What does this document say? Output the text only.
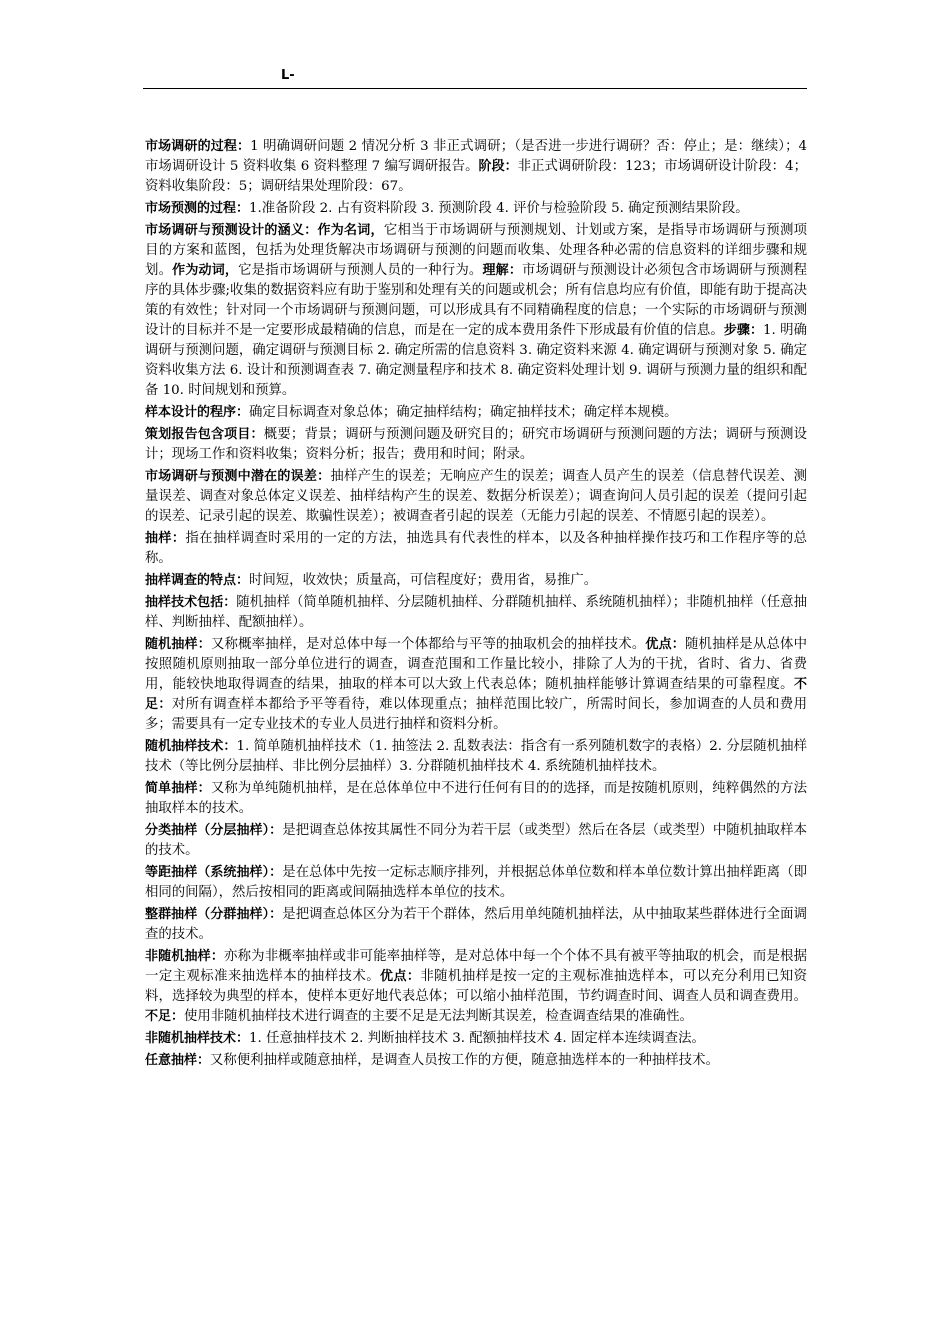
L-

市场调研的过程：1 明确调研问题 2 情况分析 3 非正式调研；（是否进一步进行调研？否：停止；是：继续）；4 市场调研设计 5 资料收集 6 资料整理 7 编写调研报告。阶段：非正式调研阶段：123；市场调研设计阶段：4；资料收集阶段：5；调研结果处理阶段：67。

市场预测的过程：1.准备阶段 2. 占有资料阶段 3. 预测阶段 4. 评价与检验阶段 5. 确定预测结果阶段。

市场调研与预测设计的涵义：作为名词，它相当于市场调研与预测规划、计划或方案，是指导市场调研与预测项目的方案和蓝图，包括为处理货解决市场调研与预测的问题而收集、处理各种必需的信息资料的详细步骤和规划。作为动词，它是指市场调研与预测人员的一种行为。理解：市场调研与预测设计必须包含市场调研与预测程序的具体步骤;收集的数据资料应有助于鉴别和处理有关的问题或机会；所有信息均应有价值，即能有助于提高决策的有效性；针对同一个市场调研与预测问题，可以形成具有不同精确程度的信息；一个实际的市场调研与预测设计的目标并不是一定要形成最精确的信息，而是在一定的成本费用条件下形成最有价值的信息。步骤：1. 明确调研与预测问题，确定调研与预测目标 2. 确定所需的信息资料 3. 确定资料来源 4. 确定调研与预测对象 5. 确定资料收集方法 6. 设计和预测调查表 7. 确定测量程序和技术 8. 确定资料处理计划 9. 调研与预测力量的组织和配备 10. 时间规划和预算。

样本设计的程序：确定目标调查对象总体；确定抽样结构；确定抽样技术；确定样本规模。

策划报告包含项目：概要；背景；调研与预测问题及研究目的；研究市场调研与预测问题的方法；调研与预测设计；现场工作和资料收集；资料分析；报告；费用和时间；附录。

市场调研与预测中潜在的误差：抽样产生的误差；无响应产生的误差；调查人员产生的误差（信息替代误差、测量误差、调查对象总体定义误差、抽样结构产生的误差、数据分析误差）；调查询问人员引起的误差（提问引起的误差、记录引起的误差、欺骗性误差）；被调查者引起的误差（无能力引起的误差、不情愿引起的误差）。

抽样：指在抽样调查时采用的一定的方法，抽选具有代表性的样本，以及各种抽样操作技巧和工作程序等的总称。

抽样调查的特点：时间短，收效快；质量高，可信程度好；费用省，易推广。

抽样技术包括：随机抽样（简单随机抽样、分层随机抽样、分群随机抽样、系统随机抽样）；非随机抽样（任意抽样、判断抽样、配额抽样）。

随机抽样：又称概率抽样，是对总体中每一个体都给与平等的抽取机会的抽样技术。优点：随机抽样是从总体中按照随机原则抽取一部分单位进行的调查，调查范围和工作量比较小，排除了人为的干扰，省时、省力、省费用，能较快地取得调查的结果，抽取的样本可以大致上代表总体；随机抽样能够计算调查结果的可靠程度。不足：对所有调查样本都给予平等看待，难以体现重点；抽样范围比较广，所需时间长，参加调查的人员和费用多；需要具有一定专业技术的专业人员进行抽样和资料分析。

随机抽样技术：1. 简单随机抽样技术（1. 抽签法 2. 乱数表法：指含有一系列随机数字的表格）2. 分层随机抽样技术（等比例分层抽样、非比例分层抽样）3. 分群随机抽样技术 4. 系统随机抽样技术。

简单抽样：又称为单纯随机抽样，是在总体单位中不进行任何有目的的选择，而是按随机原则，纯粹偶然的方法抽取样本的技术。

分类抽样（分层抽样）：是把调查总体按其属性不同分为若干层（或类型）然后在各层（或类型）中随机抽取样本的技术。

等距抽样（系统抽样）：是在总体中先按一定标志顺序排列，并根据总体单位数和样本单位数计算出抽样距离（即相同的间隔），然后按相同的距离或间隔抽选样本单位的技术。

整群抽样（分群抽样）：是把调查总体区分为若干个群体，然后用单纯随机抽样法，从中抽取某些群体进行全面调查的技术。

非随机抽样：亦称为非概率抽样或非可能率抽样等，是对总体中每一个个体不具有被平等抽取的机会，而是根据一定主观标准来抽选样本的抽样技术。优点：非随机抽样是按一定的主观标准抽选样本，可以充分利用已知资料，选择较为典型的样本，使样本更好地代表总体；可以缩小抽样范围，节约调查时间、调查人员和调查费用。不足：使用非随机抽样技术进行调查的主要不足是无法判断其误差，检查调查结果的准确性。

非随机抽样技术：1. 任意抽样技术 2. 判断抽样技术 3. 配额抽样技术 4. 固定样本连续调查法。

任意抽样：又称便利抽样或随意抽样，是调查人员按工作的方便，随意抽选样本的一种抽样技术。
